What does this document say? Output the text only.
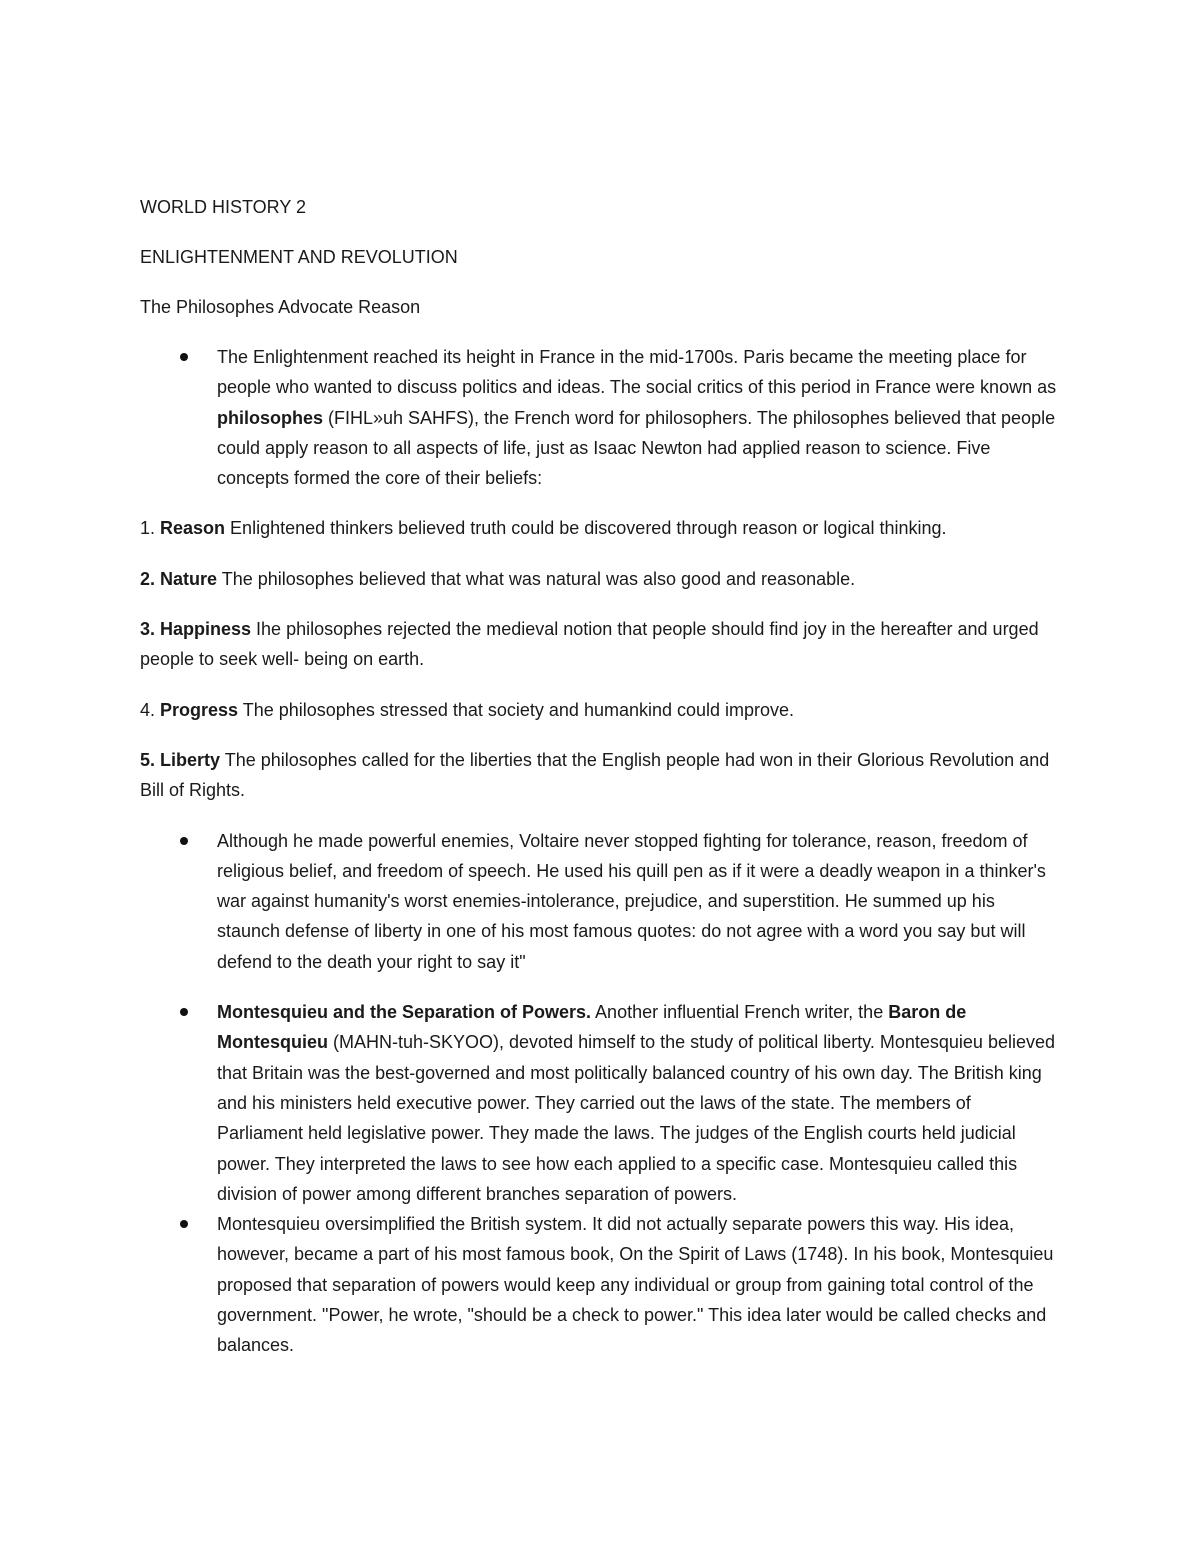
WORLD HISTORY 2

ENLIGHTENMENT AND REVOLUTION

The Philosophes Advocate Reason

The Enlightenment reached its height in France in the mid-1700s. Paris became the meeting place for people who wanted to discuss politics and ideas. The social critics of this period in France were known as philosophes (FIHL»uh SAHFS), the French word for philosophers. The philosophes believed that people could apply reason to all aspects of life, just as Isaac Newton had applied reason to science. Five concepts formed the core of their beliefs:

1. Reason Enlightened thinkers believed truth could be discovered through reason or logical thinking.

2. Nature The philosophes believed that what was natural was also good and reasonable.

3. Happiness Ihe philosophes rejected the medieval notion that people should find joy in the hereafter and urged people to seek well- being on earth.

4. Progress The philosophes stressed that society and humankind could improve.

5. Liberty The philosophes called for the liberties that the English people had won in their Glorious Revolution and Bill of Rights.

Although he made powerful enemies, Voltaire never stopped fighting for tolerance, reason, freedom of religious belief, and freedom of speech. He used his quill pen as if it were a deadly weapon in a thinker's war against humanity's worst enemies-intolerance, prejudice, and superstition. He summed up his staunch defense of liberty in one of his most famous quotes: do not agree with a word you say but will defend to the death your right to say it"
Montesquieu and the Separation of Powers. Another influential French writer, the Baron de Montesquieu (MAHN-tuh-SKYOO), devoted himself to the study of political liberty. Montesquieu believed that Britain was the best-governed and most politically balanced country of his own day. The British king and his ministers held executive power. They carried out the laws of the state. The members of Parliament held legislative power. They made the laws. The judges of the English courts held judicial power. They interpreted the laws to see how each applied to a specific case. Montesquieu called this division of power among different branches separation of powers.
Montesquieu oversimplified the British system. It did not actually separate powers this way. His idea, however, became a part of his most famous book, On the Spirit of Laws (1748). In his book, Montesquieu proposed that separation of powers would keep any individual or group from gaining total control of the government. "Power, he wrote, "should be a check to power." This idea later would be called checks and balances.
